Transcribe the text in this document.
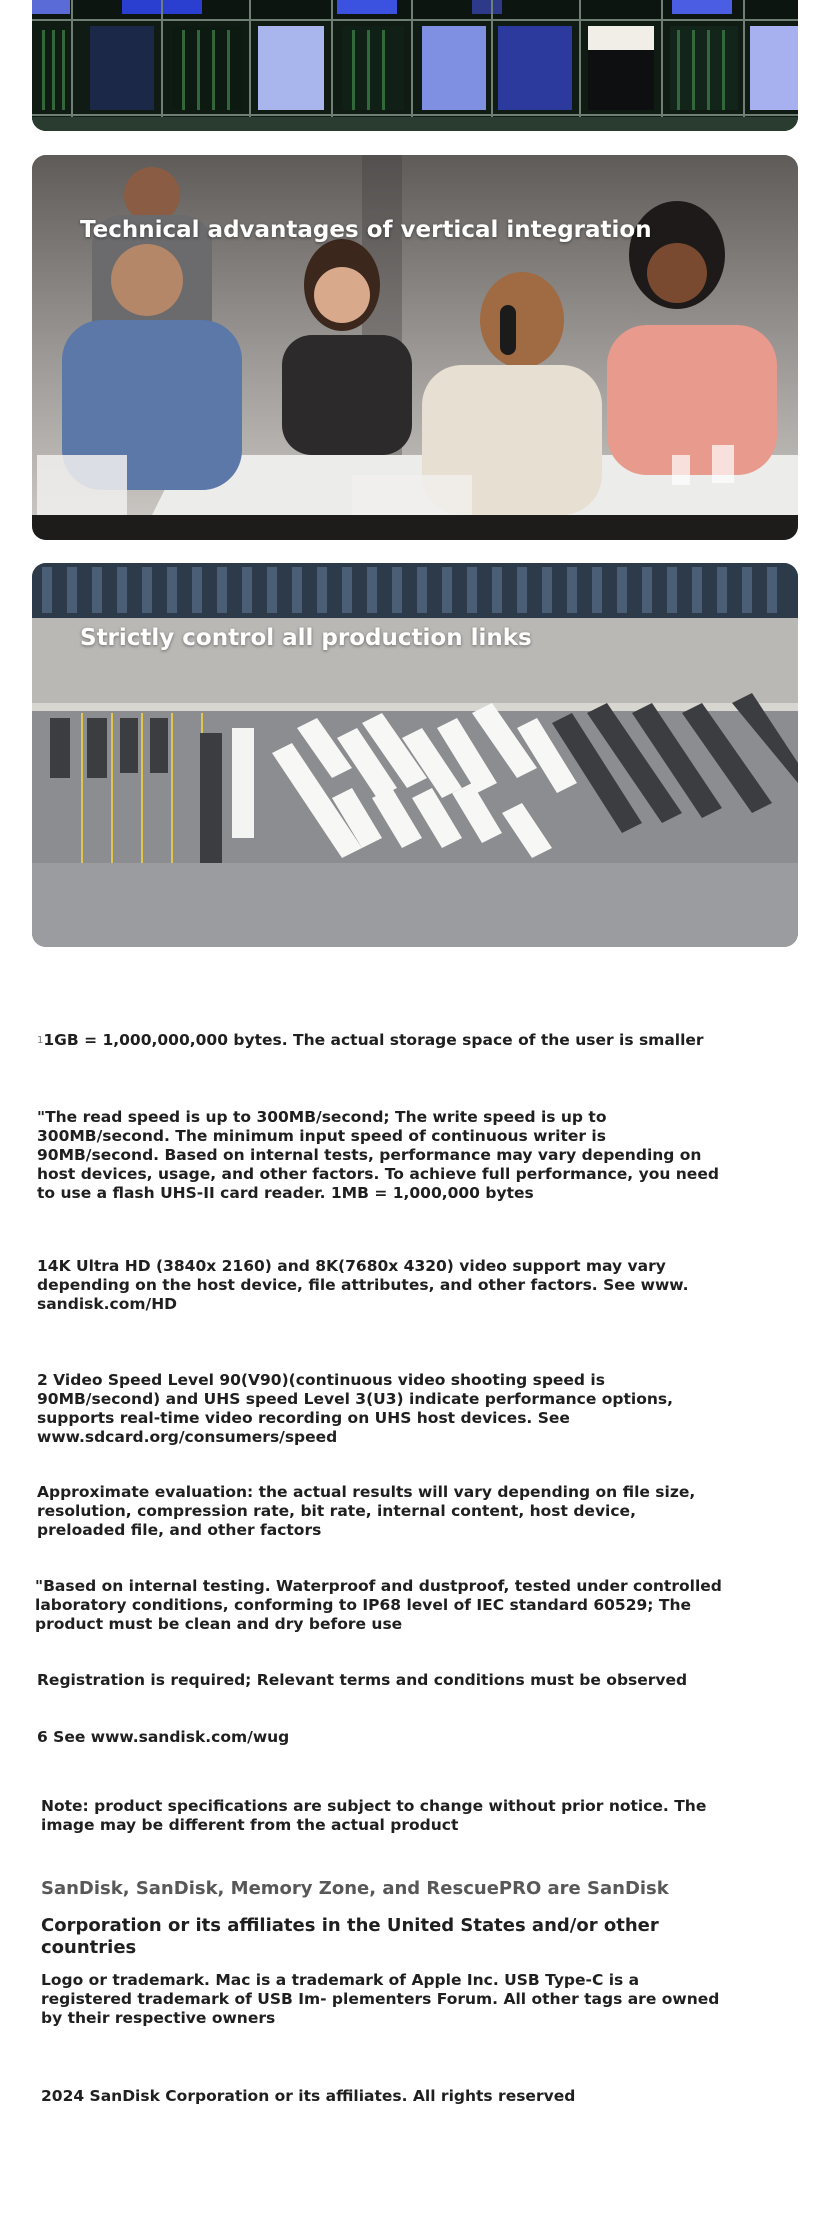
Technical advantages of vertical integration
Strictly control all production links

$^1$1GB = 1,000,000,000 bytes. The actual storage space of the user is smaller

"The read speed is up to 300MB/second; The write speed is up to 300MB/second. The minimum input speed of continuous writer is 90MB/second. Based on internal tests, performance may vary depending on host devices, usage, and other factors. To achieve full performance, you need to use a flash UHS-II card reader. 1MB = 1,000,000 bytes

14K Ultra HD (3840x 2160) and 8K(7680x 4320) video support may vary depending on the host device, file attributes, and other factors. See www. sandisk.com/HD

2 Video Speed Level 90(V90)(continuous video shooting speed is 90MB/second) and UHS speed Level 3(U3) indicate performance options, supports real-time video recording on UHS host devices. See www.sdcard.org/consumers/speed

Approximate evaluation: the actual results will vary depending on file size, resolution, compression rate, bit rate, internal content, host device, preloaded file, and other factors

"Based on internal testing. Waterproof and dustproof, tested under controlled laboratory conditions, conforming to IP68 level of IEC standard 60529; The product must be clean and dry before use

Registration is required; Relevant terms and conditions must be observed

6 See www.sandisk.com/wug

Note: product specifications are subject to change without prior notice. The image may be different from the actual product

SanDisk, SanDisk, Memory Zone, and RescuePRO are SanDisk

Corporation or its affiliates in the United States and/or other countries

Logo or trademark. Mac is a trademark of Apple Inc. USB Type-C is a registered trademark of USB Im- plementers Forum. All other tags are owned by their respective owners

2024 SanDisk Corporation or its affiliates. All rights reserved
